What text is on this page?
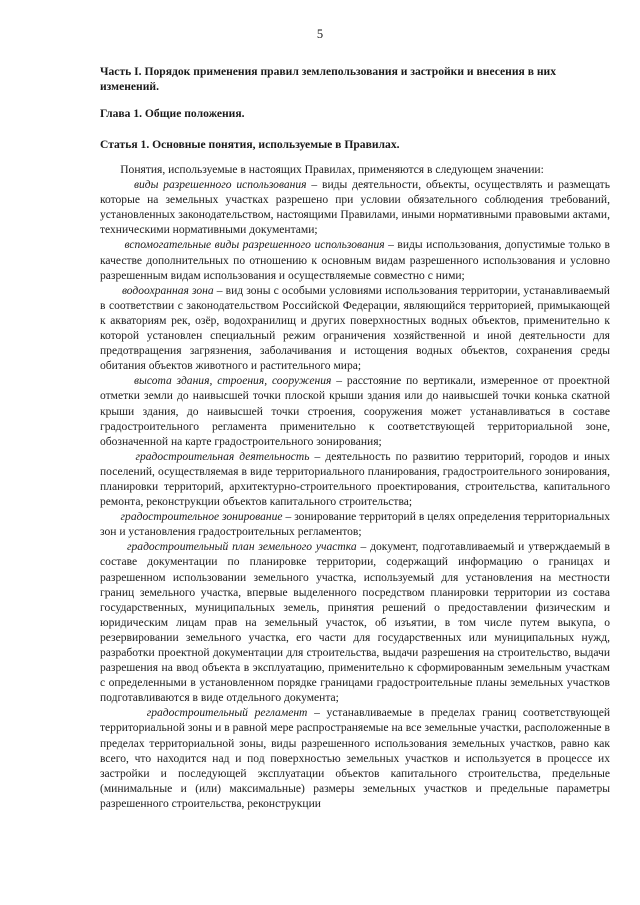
5
Часть I. Порядок применения правил землепользования и застройки и внесения в них изменений.
Глава 1. Общие положения.
Статья 1. Основные понятия, используемые в Правилах.

Понятия, используемые в настоящих Правилах, применяются в следующем значении:

виды разрешенного использования – виды деятельности, объекты, осуществлять и размещать которые на земельных участках разрешено при условии обязательного соблюдения требований, установленных законодательством, настоящими Правилами, иными нормативными правовыми актами, техническими нормативными документами;

вспомогательные виды разрешенного использования – виды использования, допустимые только в качестве дополнительных по отношению к основным видам разрешенного использования и условно разрешенным видам использования и осуществляемые совместно с ними;

водоохранная зона – вид зоны с особыми условиями использования территории, устанавливаемый в соответствии с законодательством Российской Федерации, являющийся территорией, примыкающей к акваториям рек, озёр, водохранилищ и других поверхностных водных объектов, применительно к которой установлен специальный режим ограничения хозяйственной и иной деятельности для предотвращения загрязнения, заболачивания и истощения водных объектов, сохранения среды обитания объектов животного и растительного мира;

высота здания, строения, сооружения – расстояние по вертикали, измеренное от проектной отметки земли до наивысшей точки плоской крыши здания или до наивысшей точки конька скатной крыши здания, до наивысшей точки строения, сооружения может устанавливаться в составе градостроительного регламента применительно к соответствующей территориальной зоне, обозначенной на карте градостроительного зонирования;

градостроительная деятельность – деятельность по развитию территорий, городов и иных поселений, осуществляемая в виде территориального планирования, градостроительного зонирования, планировки территорий, архитектурно-строительного проектирования, строительства, капитального ремонта, реконструкции объектов капитального строительства;

градостроительное зонирование – зонирование территорий в целях определения территориальных зон и установления градостроительных регламентов;

градостроительный план земельного участка – документ, подготавливаемый и утверждаемый в составе документации по планировке территории, содержащий информацию о границах и разрешенном использовании земельного участка, используемый для установления на местности границ земельного участка, впервые выделенного посредством планировки территории из состава государственных, муниципальных земель, принятия решений о предоставлении физическим и юридическим лицам прав на земельный участок, об изъятии, в том числе путем выкупа, о резервировании земельного участка, его части для государственных или муниципальных нужд, разработки проектной документации для строительства, выдачи разрешения на строительство, выдачи разрешения на ввод объекта в эксплуатацию, применительно к сформированным земельным участкам с определенными в установленном порядке границами градостроительные планы земельных участков подготавливаются в виде отдельного документа;

градостроительный регламент – устанавливаемые в пределах границ соответствующей территориальной зоны и в равной мере распространяемые на все земельные участки, расположенные в пределах территориальной зоны, виды разрешенного использования земельных участков, равно как всего, что находится над и под поверхностью земельных участков и используется в процессе их застройки и последующей эксплуатации объектов капитального строительства, предельные (минимальные и (или) максимальные) размеры земельных участков и предельные параметры разрешенного строительства, реконструкции
